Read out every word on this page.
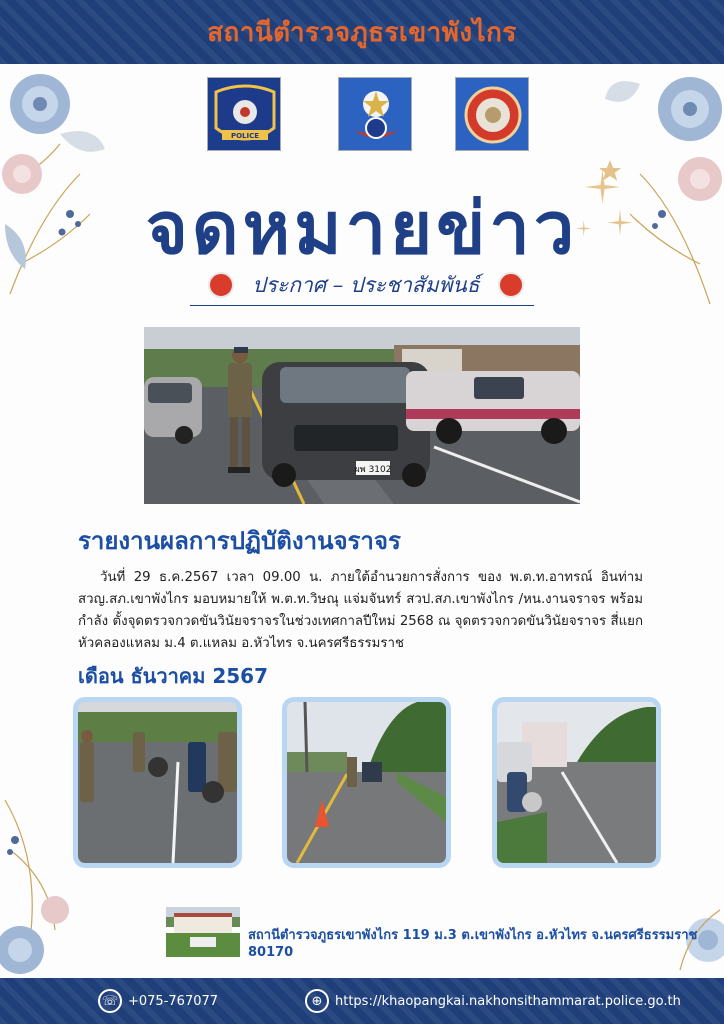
สถานีตำรวจภูธรเขาพังไกร
POLICE
จดหมายข่าว
ประกาศ – ประชาสัมพันธ์
ผพ 3102
รายงานผลการปฏิบัติงานจราจร

วันที่ 29 ธ.ค.2567 เวลา 09.00 น. ภายใต้อำนวยการสั่งการ ของ พ.ต.ท.อาทรณ์ อินท่าม สวญ.สภ.เขาพังไกร มอบหมายให้ พ.ต.ท.วิษณุ แจ่มจันทร์ สวป.สภ.เขาพังไกร /หน.งานจราจร พร้อมกำลัง ตั้งจุดตรวจกวดขันวินัยจราจรในช่วงเทศกาลปีใหม่ 2568 ณ จุดตรวจกวดขันวินัยจราจร สี่แยกหัวคลองแหลม ม.4 ต.แหลม อ.หัวไทร จ.นครศรีธรรมราช

เดือน ธันวาคม 2567
สถานีตำรวจภูธรเขาพังไกร 119 ม.3 ต.เขาพังไกร อ.หัวไทร จ.นครศรีธรรมราช 80170
☏ +075-767077	⊕ https://khaopangkai.nakhonsithammarat.police.go.th
